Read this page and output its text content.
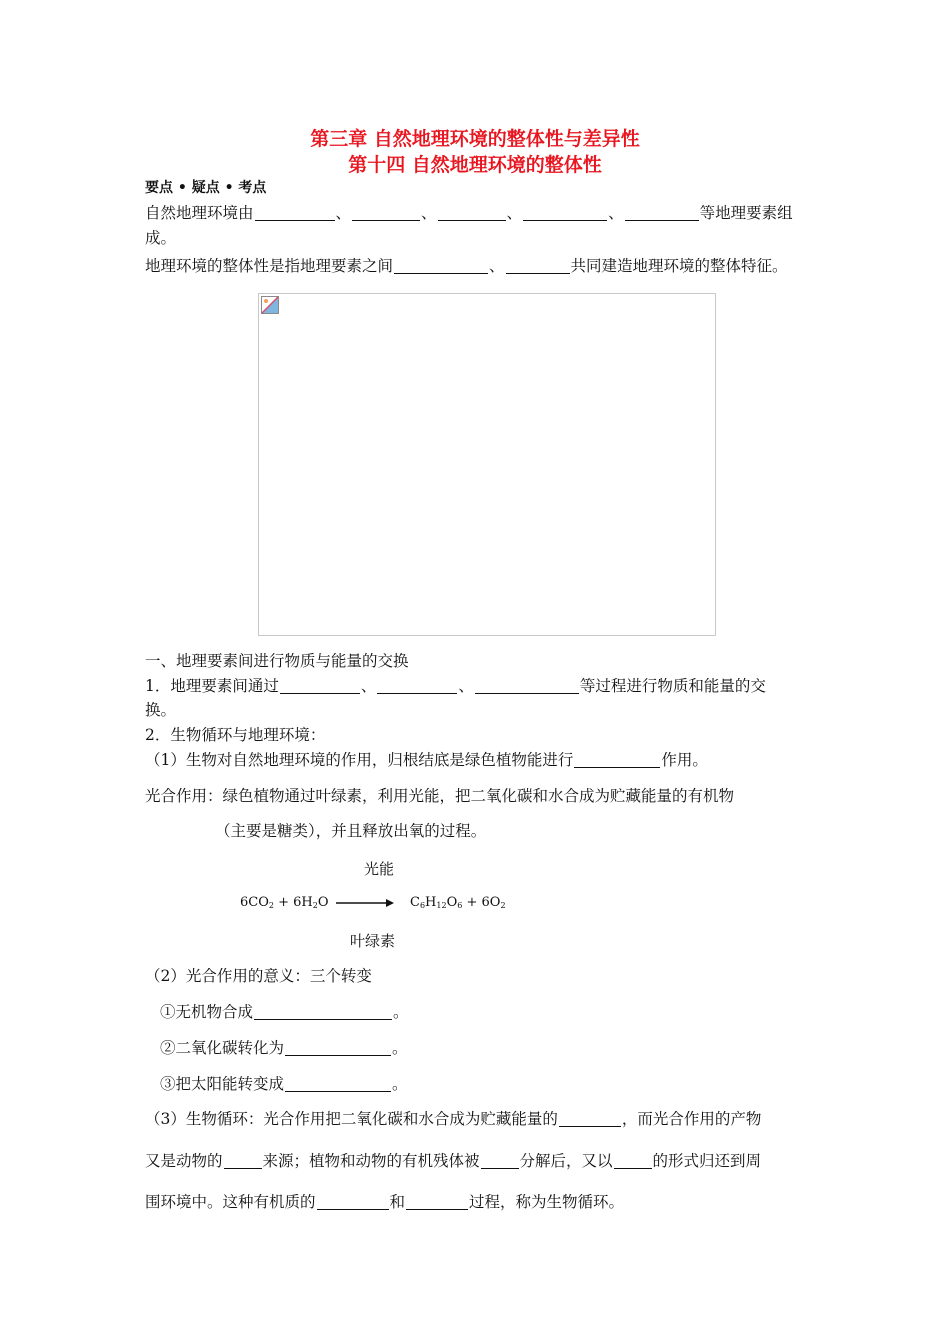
第三章 自然地理环境的整体性与差异性
第十四 自然地理环境的整体性
要点 • 疑点 • 考点
自然地理环境由	、	、	、	、	等地理要素组
成。
地理环境的整体性是指地理要素之间	、	共同建造地理环境的整体特征。
一、地理要素间进行物质与能量的交换
1．地理要素间通过	、	、	等过程进行物质和能量的交
换。
2．生物循环与地理环境：
（1）生物对自然地理环境的作用，归根结底是绿色植物能进行	作用。
光合作用：绿色植物通过叶绿素，利用光能，把二氧化碳和水合成为贮藏能量的有机物
（主要是糖类），并且释放出氧的过程。
光能
$6CO_2 + 6H_2O \to C_6H_{12}O_6 + 6O_2$
叶绿素
（2）光合作用的意义：三个转变
①无机物合成	。
②二氧化碳转化为	。
③把太阳能转变成	。
（3）生物循环：光合作用把二氧化碳和水合成为贮藏能量的	，而光合作用的产物
又是动物的	来源；植物和动物的有机残体被	分解后，又以	的形式归还到周
围环境中。这种有机质的	和	过程，称为生物循环。
